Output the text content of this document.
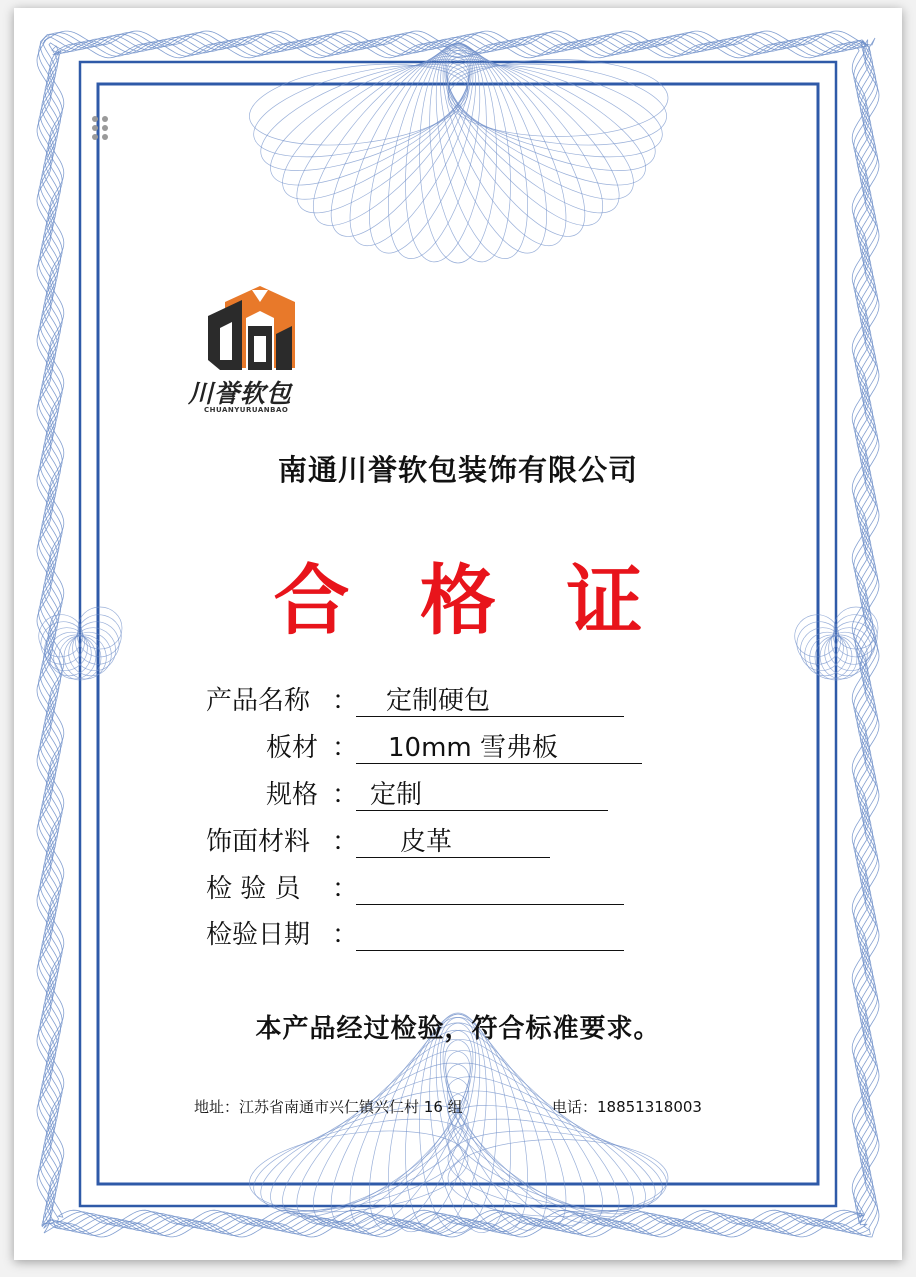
川誉软包
CHUANYURUANBAO
南通川誉软包装饰有限公司
合 格 证
产品名称 ： 定制硬包
板材 ： 10mm 雪弗板
规格 ： 定制
饰面材料 ： 皮革
检 验 员 ：
检验日期 ：
本产品经过检验，符合标准要求。
地址：江苏省南通市兴仁镇兴仁村 16 组	电话：18851318003
